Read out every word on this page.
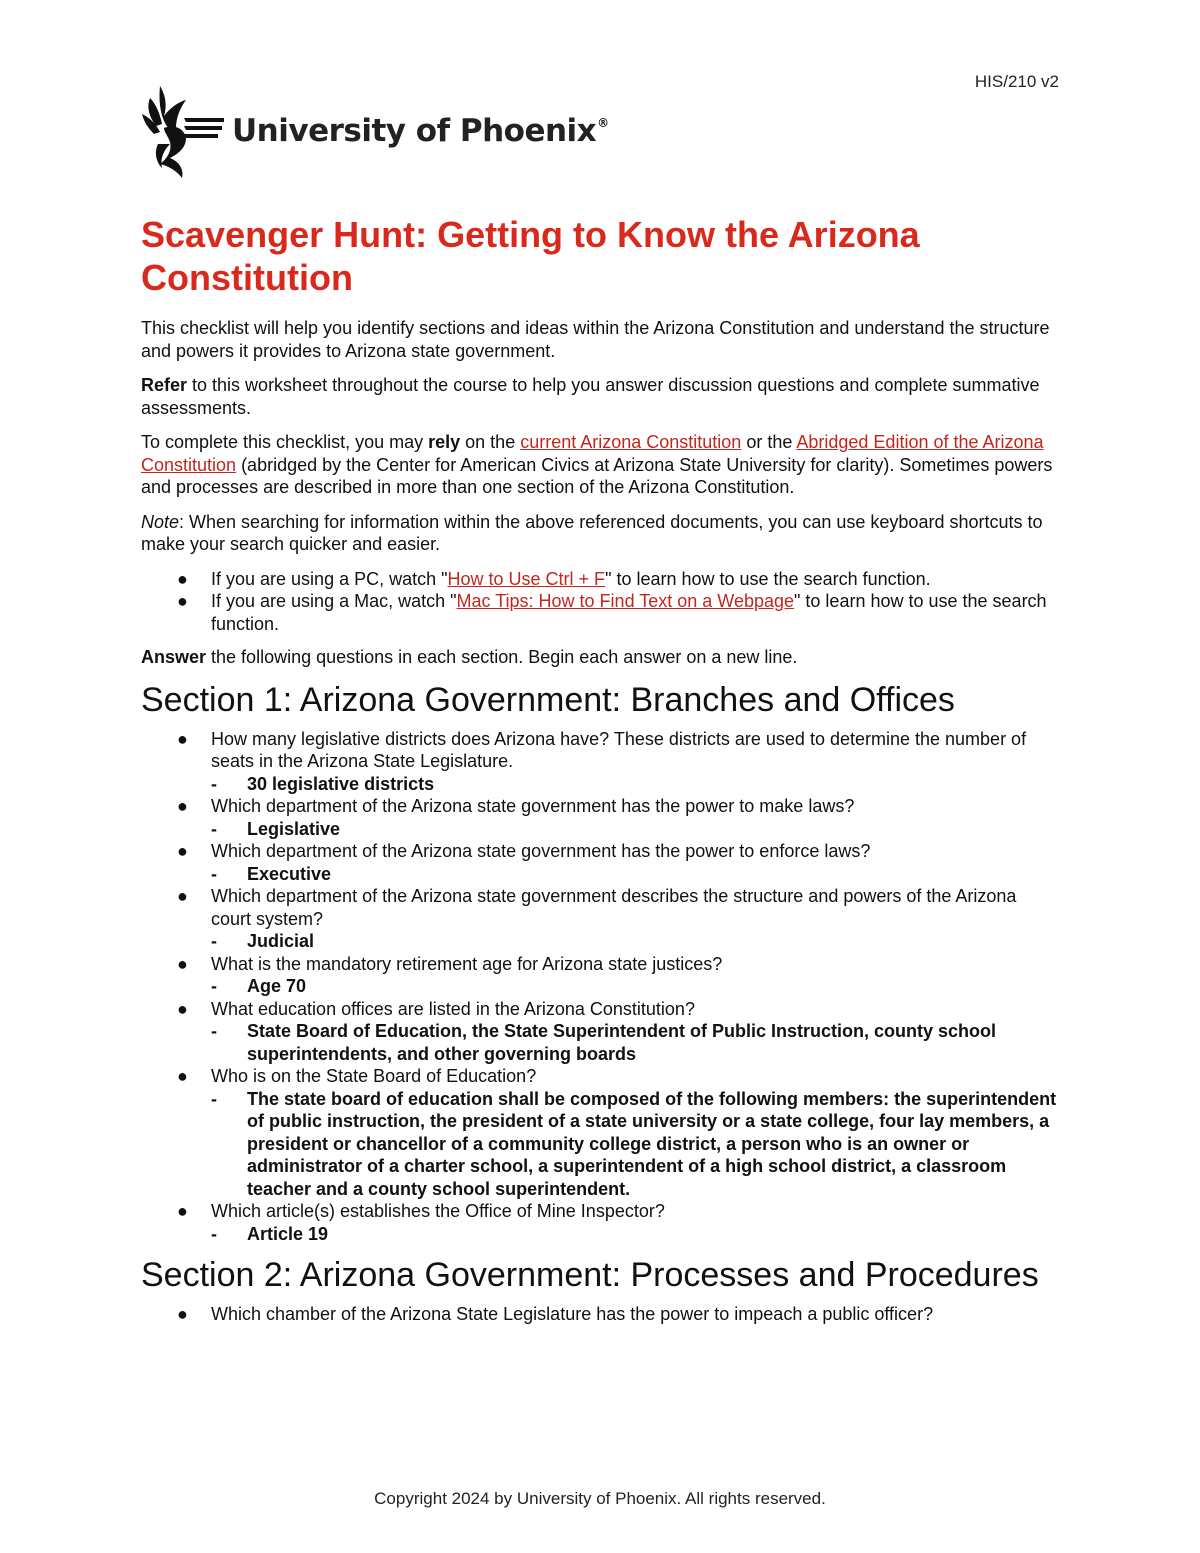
HIS/210 v2
University of Phoenix®
Scavenger Hunt: Getting to Know the Arizona Constitution

This checklist will help you identify sections and ideas within the Arizona Constitution and understand the structure and powers it provides to Arizona state government.

Refer to this worksheet throughout the course to help you answer discussion questions and complete summative assessments.

To complete this checklist, you may rely on the current Arizona Constitution or the Abridged Edition of the Arizona Constitution (abridged by the Center for American Civics at Arizona State University for clarity). Sometimes powers and processes are described in more than one section of the Arizona Constitution.

Note: When searching for information within the above referenced documents, you can use keyboard shortcuts to make your search quicker and easier.

● If you are using a PC, watch "How to Use Ctrl + F" to learn how to use the search function.
● If you are using a Mac, watch "Mac Tips: How to Find Text on a Webpage" to learn how to use the search function.

Answer the following questions in each section. Begin each answer on a new line.

Section 1: Arizona Government: Branches and Offices
● How many legislative districts does Arizona have? These districts are used to determine the number of seats in the Arizona State Legislature.
- 30 legislative districts
● Which department of the Arizona state government has the power to make laws?
- Legislative
● Which department of the Arizona state government has the power to enforce laws?
- Executive
● Which department of the Arizona state government describes the structure and powers of the Arizona court system?
- Judicial
● What is the mandatory retirement age for Arizona state justices?
- Age 70
● What education offices are listed in the Arizona Constitution?
- State Board of Education, the State Superintendent of Public Instruction, county school superintendents, and other governing boards
● Who is on the State Board of Education?
- The state board of education shall be composed of the following members: the superintendent of public instruction, the president of a state university or a state college, four lay members, a president or chancellor of a community college district, a person who is an owner or administrator of a charter school, a superintendent of a high school district, a classroom teacher and a county school superintendent.
● Which article(s) establishes the Office of Mine Inspector?
- Article 19
Section 2: Arizona Government: Processes and Procedures
● Which chamber of the Arizona State Legislature has the power to impeach a public officer?
Copyright 2024 by University of Phoenix. All rights reserved.
